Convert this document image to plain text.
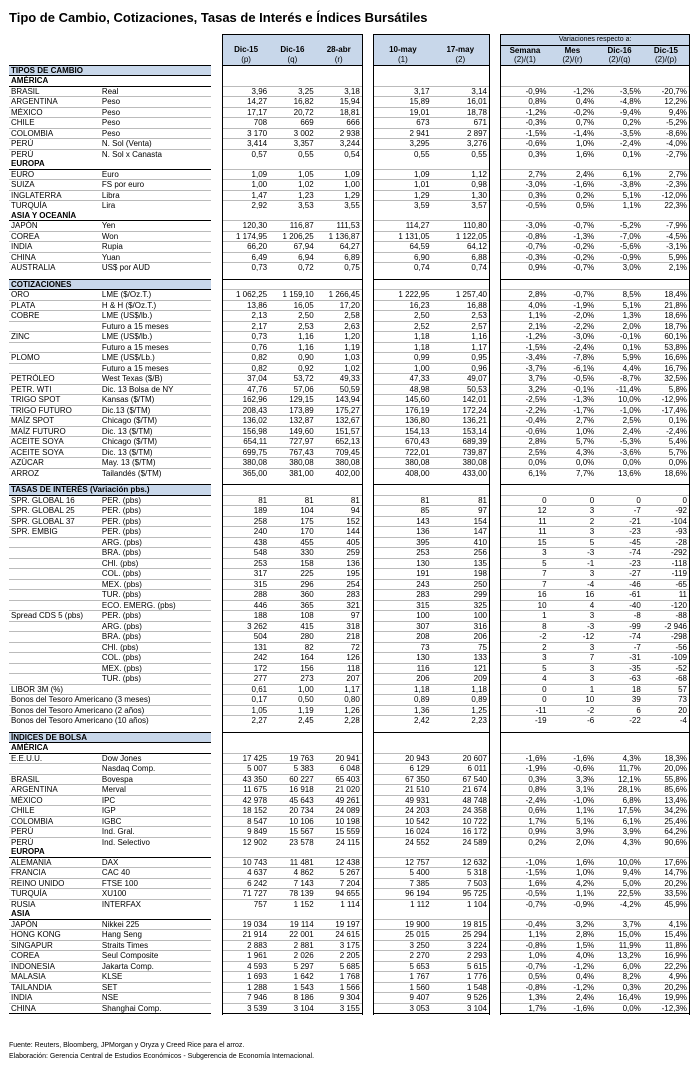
Tipo de Cambio, Cotizaciones, Tasas de Interés e Índices Bursátiles
										Variaciones respecto a:			
			Dic-15	Dic-16	28-abr		10-may	17-may		Semana	Mes	Dic-16	Dic-15
			(p)	(q)	(r)		(1)	(2)		(2)/(1)	(2)/(r)	(2)/(q)	(2)/(p)
TIPOS DE CAMBIO													
AMÉRICA													
BRASIL	Real		3,96	3,25	3,18		3,17	3,14		-0,9%	-1,2%	-3,5%	-20,7%
ARGENTINA	Peso		14,27	16,82	15,94		15,89	16,01		0,8%	0,4%	-4,8%	12,2%
MÉXICO	Peso		17,17	20,72	18,81		19,01	18,78		-1,2%	-0,2%	-9,4%	9,4%
CHILE	Peso		708	669	666		673	671		-0,3%	0,7%	0,2%	-5,2%
COLOMBIA	Peso		3 170	3 002	2 938		2 941	2 897		-1,5%	-1,4%	-3,5%	-8,6%
PERÚ	N. Sol (Venta)		3,414	3,357	3,244		3,295	3,276		-0,6%	1,0%	-2,4%	-4,0%
PERÚ	N. Sol x Canasta		0,57	0,55	0,54		0,55	0,55		0,3%	1,6%	0,1%	-2,7%
EUROPA													
EURO	Euro		1,09	1,05	1,09		1,09	1,12		2,7%	2,4%	6,1%	2,7%
SUIZA	FS por euro		1,00	1,02	1,00		1,01	0,98		-3,0%	-1,6%	-3,8%	-2,3%
INGLATERRA	Libra		1,47	1,23	1,29		1,29	1,30		0,3%	0,2%	5,1%	-12,0%
TURQUÍA	Lira		2,92	3,53	3,55		3,59	3,57		-0,5%	0,5%	1,1%	22,3%
ASIA Y OCEANÍA													
JAPÓN	Yen		120,30	116,87	111,53		114,27	110,80		-3,0%	-0,7%	-5,2%	-7,9%
COREA	Won		1 174,95	1 206,25	1 136,87		1 131,05	1 122,05		-0,8%	-1,3%	-7,0%	-4,5%
INDIA	Rupia		66,20	67,94	64,27		64,59	64,12		-0,7%	-0,2%	-5,6%	-3,1%
CHINA	Yuan		6,49	6,94	6,89		6,90	6,88		-0,3%	-0,2%	-0,9%	5,9%
AUSTRALIA	US$ por AUD		0,73	0,72	0,75		0,74	0,74		0,9%	-0,7%	3,0%	2,1%

COTIZACIONES													
ORO	LME ($/Oz.T.)		1 062,25	1 159,10	1 266,45		1 222,95	1 257,40		2,8%	-0,7%	8,5%	18,4%
PLATA	H & H ($/Oz.T.)		13,86	16,05	17,20		16,23	16,88		4,0%	-1,9%	5,1%	21,8%
COBRE	LME (US$/lb.)		2,13	2,50	2,58		2,50	2,53		1,1%	-2,0%	1,3%	18,6%
	Futuro a 15 meses		2,17	2,53	2,63		2,52	2,57		2,1%	-2,2%	2,0%	18,7%
ZINC	LME (US$/lb.)		0,73	1,16	1,20		1,18	1,16		-1,2%	-3,0%	-0,1%	60,1%
	Futuro a 15 meses		0,76	1,16	1,19		1,18	1,17		-1,5%	-2,4%	0,1%	53,8%
PLOMO	LME (US$/Lb.)		0,82	0,90	1,03		0,99	0,95		-3,4%	-7,8%	5,9%	16,6%
	Futuro a 15 meses		0,82	0,92	1,02		1,00	0,96		-3,7%	-6,1%	4,4%	16,7%
PETRÓLEO	West Texas ($/B)		37,04	53,72	49,33		47,33	49,07		3,7%	-0,5%	-8,7%	32,5%
PETR. WTI	Dic. 13 Bolsa de NY		47,76	57,06	50,59		48,98	50,53		3,2%	-0,1%	-11,4%	5,8%
TRIGO SPOT	Kansas ($/TM)		162,96	129,15	143,94		145,60	142,01		-2,5%	-1,3%	10,0%	-12,9%
TRIGO FUTURO	Dic.13 ($/TM)		208,43	173,89	175,27		176,19	172,24		-2,2%	-1,7%	-1,0%	-17,4%
MAÍZ SPOT	Chicago ($/TM)		136,02	132,87	132,67		136,80	136,21		-0,4%	2,7%	2,5%	0,1%
MAÍZ FUTURO	Dic. 13 ($/TM)		156,98	149,60	151,57		154,13	153,14		-0,6%	1,0%	2,4%	-2,4%
ACEITE SOYA	Chicago ($/TM)		654,11	727,97	652,13		670,43	689,39		2,8%	5,7%	-5,3%	5,4%
ACEITE SOYA	Dic. 13 ($/TM)		699,75	767,43	709,45		722,01	739,87		2,5%	4,3%	-3,6%	5,7%
AZÚCAR	May. 13 ($/TM)		380,08	380,08	380,08		380,08	380,08		0,0%	0,0%	0,0%	0,0%
ARROZ	Tailandés ($/TM)		365,00	381,00	402,00		408,00	433,00		6,1%	7,7%	13,6%	18,6%

TASAS DE INTERÉS (Variación pbs.)													
SPR. GLOBAL 16	PER. (pbs)		81	81	81		81	81		0	0	0	0
SPR. GLOBAL 25	PER. (pbs)		189	104	94		85	97		12	3	-7	-92
SPR. GLOBAL 37	PER. (pbs)		258	175	152		143	154		11	2	-21	-104
SPR. EMBIG	PER. (pbs)		240	170	144		136	147		11	3	-23	-93
	ARG. (pbs)		438	455	405		395	410		15	5	-45	-28
	BRA. (pbs)		548	330	259		253	256		3	-3	-74	-292
	CHI. (pbs)		253	158	136		130	135		5	-1	-23	-118
	COL. (pbs)		317	225	195		191	198		7	3	-27	-119
	MEX. (pbs)		315	296	254		243	250		7	-4	-46	-65
	TUR. (pbs)		288	360	283		283	299		16	16	-61	11
	ECO. EMERG. (pbs)		446	365	321		315	325		10	4	-40	-120
Spread CDS 5 (pbs)	PER. (pbs)		188	108	97		100	100		1	3	-8	-88
	ARG. (pbs)		3 262	415	318		307	316		8	-3	-99	-2 946
	BRA. (pbs)		504	280	218		208	206		-2	-12	-74	-298
	CHI. (pbs)		131	82	72		73	75		2	3	-7	-56
	COL. (pbs)		242	164	126		130	133		3	7	-31	-109
	MEX. (pbs)		172	156	118		116	121		5	3	-35	-52
	TUR. (pbs)		277	273	207		206	209		4	3	-63	-68
LIBOR 3M (%)			0,61	1,00	1,17		1,18	1,18		0	1	18	57
Bonos del Tesoro Americano (3 meses)			0,17	0,50	0,80		0,89	0,89		0	10	39	73
Bonos del Tesoro Americano (2 años)			1,05	1,19	1,26		1,36	1,25		-11	-2	6	20
Bonos del Tesoro Americano (10 años)			2,27	2,45	2,28		2,42	2,23		-19	-6	-22	-4

ÍNDICES DE BOLSA													
AMÉRICA													
E.E.U.U.	Dow Jones		17 425	19 763	20 941		20 943	20 607		-1,6%	-1,6%	4,3%	18,3%
	Nasdaq Comp.		5 007	5 383	6 048		6 129	6 011		-1,9%	-0,6%	11,7%	20,0%
BRASIL	Bovespa		43 350	60 227	65 403		67 350	67 540		0,3%	3,3%	12,1%	55,8%
ARGENTINA	Merval		11 675	16 918	21 020		21 510	21 674		0,8%	3,1%	28,1%	85,6%
MÉXICO	IPC		42 978	45 643	49 261		49 931	48 748		-2,4%	-1,0%	6,8%	13,4%
CHILE	IGP		18 152	20 734	24 089		24 203	24 358		0,6%	1,1%	17,5%	34,2%
COLOMBIA	IGBC		8 547	10 106	10 198		10 542	10 722		1,7%	5,1%	6,1%	25,4%
PERÚ	Ind. Gral.		9 849	15 567	15 559		16 024	16 172		0,9%	3,9%	3,9%	64,2%
PERÚ	Ind. Selectivo		12 902	23 578	24 115		24 552	24 589		0,2%	2,0%	4,3%	90,6%
EUROPA													
ALEMANIA	DAX		10 743	11 481	12 438		12 757	12 632		-1,0%	1,6%	10,0%	17,6%
FRANCIA	CAC 40		4 637	4 862	5 267		5 400	5 318		-1,5%	1,0%	9,4%	14,7%
REINO UNIDO	FTSE 100		6 242	7 143	7 204		7 385	7 503		1,6%	4,2%	5,0%	20,2%
TURQUÍA	XU100		71 727	78 139	94 655		96 194	95 725		-0,5%	1,1%	22,5%	33,5%
RUSIA	INTERFAX		757	1 152	1 114		1 112	1 104		-0,7%	-0,9%	-4,2%	45,9%
ASIA													
JAPÓN	Nikkei 225		19 034	19 114	19 197		19 900	19 815		-0,4%	3,2%	3,7%	4,1%
HONG KONG	Hang Seng		21 914	22 001	24 615		25 015	25 294		1,1%	2,8%	15,0%	15,4%
SINGAPUR	Straits Times		2 883	2 881	3 175		3 250	3 224		-0,8%	1,5%	11,9%	11,8%
COREA	Seul Composite		1 961	2 026	2 205		2 270	2 293		1,0%	4,0%	13,2%	16,9%
INDONESIA	Jakarta Comp.		4 593	5 297	5 685		5 653	5 615		-0,7%	-1,2%	6,0%	22,2%
MALASIA	KLSE		1 693	1 642	1 768		1 767	1 776		0,5%	0,4%	8,2%	4,9%
TAILANDIA	SET		1 288	1 543	1 566		1 560	1 548		-0,8%	-1,2%	0,3%	20,2%
INDIA	NSE		7 946	8 186	9 304		9 407	9 526		1,3%	2,4%	16,4%	19,9%
CHINA	Shanghai Comp.		3 539	3 104	3 155		3 053	3 104		1,7%	-1,6%	0,0%	-12,3%

Fuente: Reuters, Bloomberg, JPMorgan y Oryza y Creed Rice para el arroz.
Elaboración: Gerencia Central de Estudios Económicos - Subgerencia de Economía Internacional.
